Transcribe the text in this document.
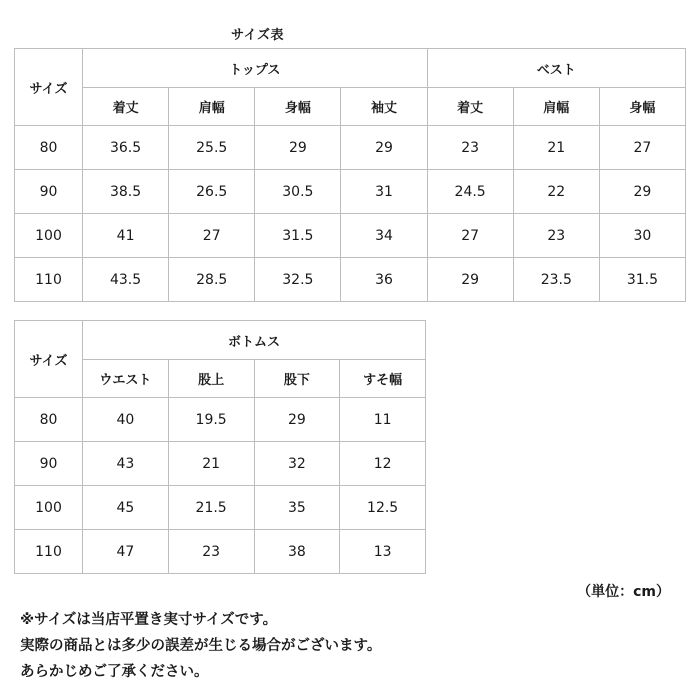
サイズ表
サイズ	トップス				ベスト		
	着丈	肩幅	身幅	袖丈	着丈	肩幅	身幅
80	36.5	25.5	29	29	23	21	27
90	38.5	26.5	30.5	31	24.5	22	29
100	41	27	31.5	34	27	23	30
110	43.5	28.5	32.5	36	29	23.5	31.5
サイズ	ボトムス			
	ウエスト	股上	股下	すそ幅
80	40	19.5	29	11
90	43	21	32	12
100	45	21.5	35	12.5
110	47	23	38	13
（単位：cm）
※サイズは当店平置き実寸サイズです。
実際の商品とは多少の誤差が生じる場合がございます。
あらかじめご了承ください。
